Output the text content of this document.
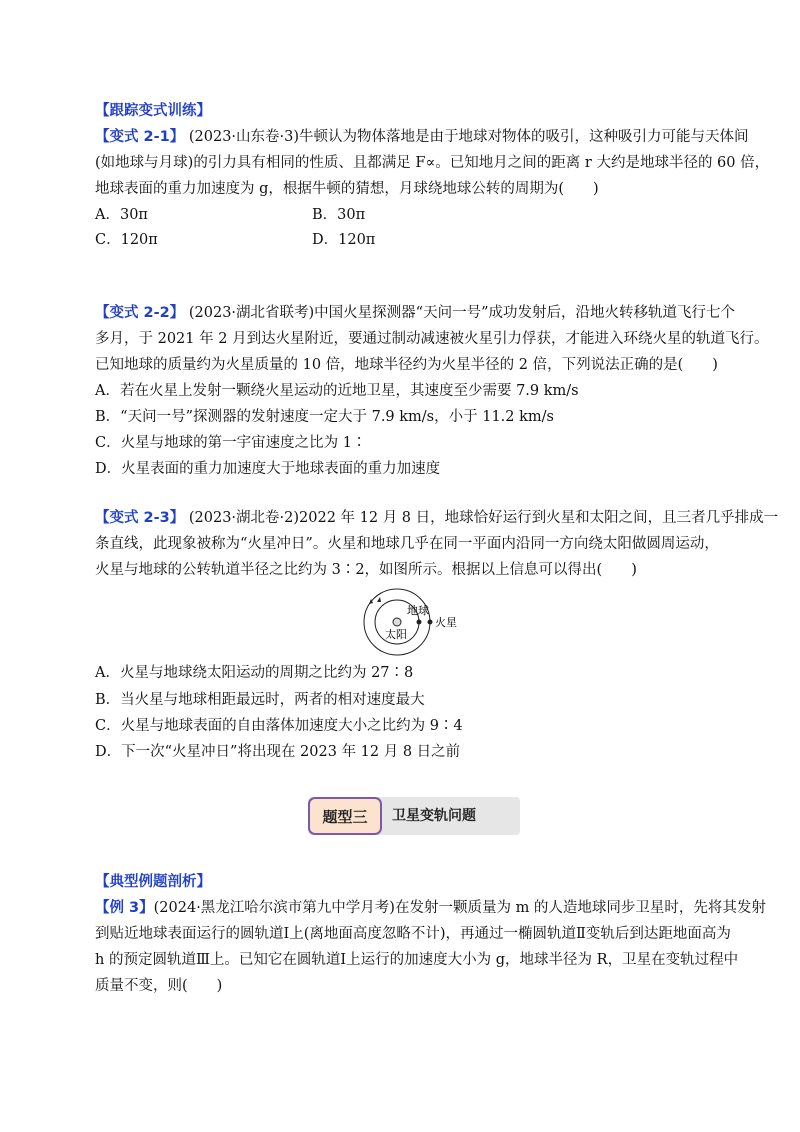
【跟踪变式训练】
【变式 2-1】 (2023·山东卷·3)牛顿认为物体落地是由于地球对物体的吸引，这种吸引力可能与天体间
(如地球与月球)的引力具有相同的性质、且都满足 F∝。已知地月之间的距离 r 大约是地球半径的 60 倍，
地球表面的重力加速度为 g，根据牛顿的猜想，月球绕地球公转的周期为(　　)
A．30π	B．30π
C．120π	D．120π
【变式 2-2】 (2023·湖北省联考)中国火星探测器“天问一号”成功发射后，沿地火转移轨道飞行七个
多月，于 2021 年 2 月到达火星附近，要通过制动减速被火星引力俘获，才能进入环绕火星的轨道飞行。
已知地球的质量约为火星质量的 10 倍，地球半径约为火星半径的 2 倍，下列说法正确的是(　　)
A．若在火星上发射一颗绕火星运动的近地卫星，其速度至少需要 7.9 km/s
B．“天问一号”探测器的发射速度一定大于 7.9 km/s，小于 11.2 km/s
C．火星与地球的第一宇宙速度之比为 1∶
D．火星表面的重力加速度大于地球表面的重力加速度
【变式 2-3】 (2023·湖北卷·2)2022 年 12 月 8 日，地球恰好运行到火星和太阳之间，且三者几乎排成一
条直线，此现象被称为“火星冲日”。火星和地球几乎在同一平面内沿同一方向绕太阳做圆周运动，
火星与地球的公转轨道半径之比约为 3∶2，如图所示。根据以上信息可以得出(　　)
地球
太阳
火星
A．火星与地球绕太阳运动的周期之比约为 27∶8
B．当火星与地球相距最远时，两者的相对速度最大
C．火星与地球表面的自由落体加速度大小之比约为 9∶4
D．下一次“火星冲日”将出现在 2023 年 12 月 8 日之前
题型三	卫星变轨问题
【典型例题剖析】
【例 3】(2024·黑龙江哈尔滨市第九中学月考)在发射一颗质量为 m 的人造地球同步卫星时，先将其发射
到贴近地球表面运行的圆轨道Ⅰ上(离地面高度忽略不计)，再通过一椭圆轨道Ⅱ变轨后到达距地面高为
h 的预定圆轨道Ⅲ上。已知它在圆轨道Ⅰ上运行的加速度大小为 g，地球半径为 R，卫星在变轨过程中
质量不变，则(　　)
